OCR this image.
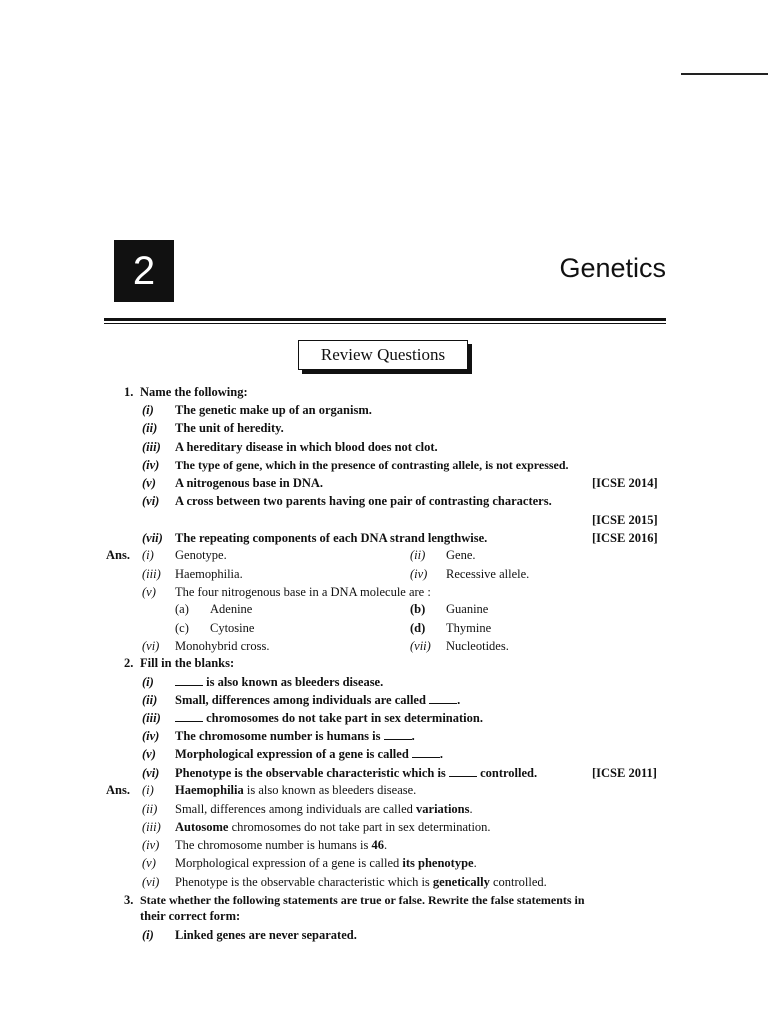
2	Genetics
Review Questions
1. Name the following:
(i) The genetic make up of an organism.
(ii) The unit of heredity.
(iii) A hereditary disease in which blood does not clot.
(iv) The type of gene, which in the presence of contrasting allele, is not expressed.
(v) A nitrogenous base in DNA.	[ICSE 2014]
(vi) A cross between two parents having one pair of contrasting characters.
[ICSE 2015]
(vii) The repeating components of each DNA strand lengthwise.	[ICSE 2016]
Ans. (i) Genotype.	(ii) Gene.
(iii) Haemophilia.	(iv) Recessive allele.
(v) The four nitrogenous base in a DNA molecule are :
(a) Adenine	(b) Guanine
(c) Cytosine	(d) Thymine
(vi) Monohybrid cross.	(vii) Nucleotides.
2. Fill in the blanks:
(i)	is also known as bleeders disease.
(ii) Small, differences among individuals are called .
(iii)	chromosomes do not take part in sex determination.
(iv) The chromosome number is humans is .
(v) Morphological expression of a gene is called .
(vi) Phenotype is the observable characteristic which is  controlled.	[ICSE 2011]
Ans. (i) Haemophilia is also known as bleeders disease.
(ii) Small, differences among individuals are called variations.
(iii) Autosome chromosomes do not take part in sex determination.
(iv) The chromosome number is humans is 46.
(v) Morphological expression of a gene is called its phenotype.
(vi) Phenotype is the observable characteristic which is genetically controlled.
3. State whether the following statements are true or false. Rewrite the false statements in
their correct form:
(i) Linked genes are never separated.
